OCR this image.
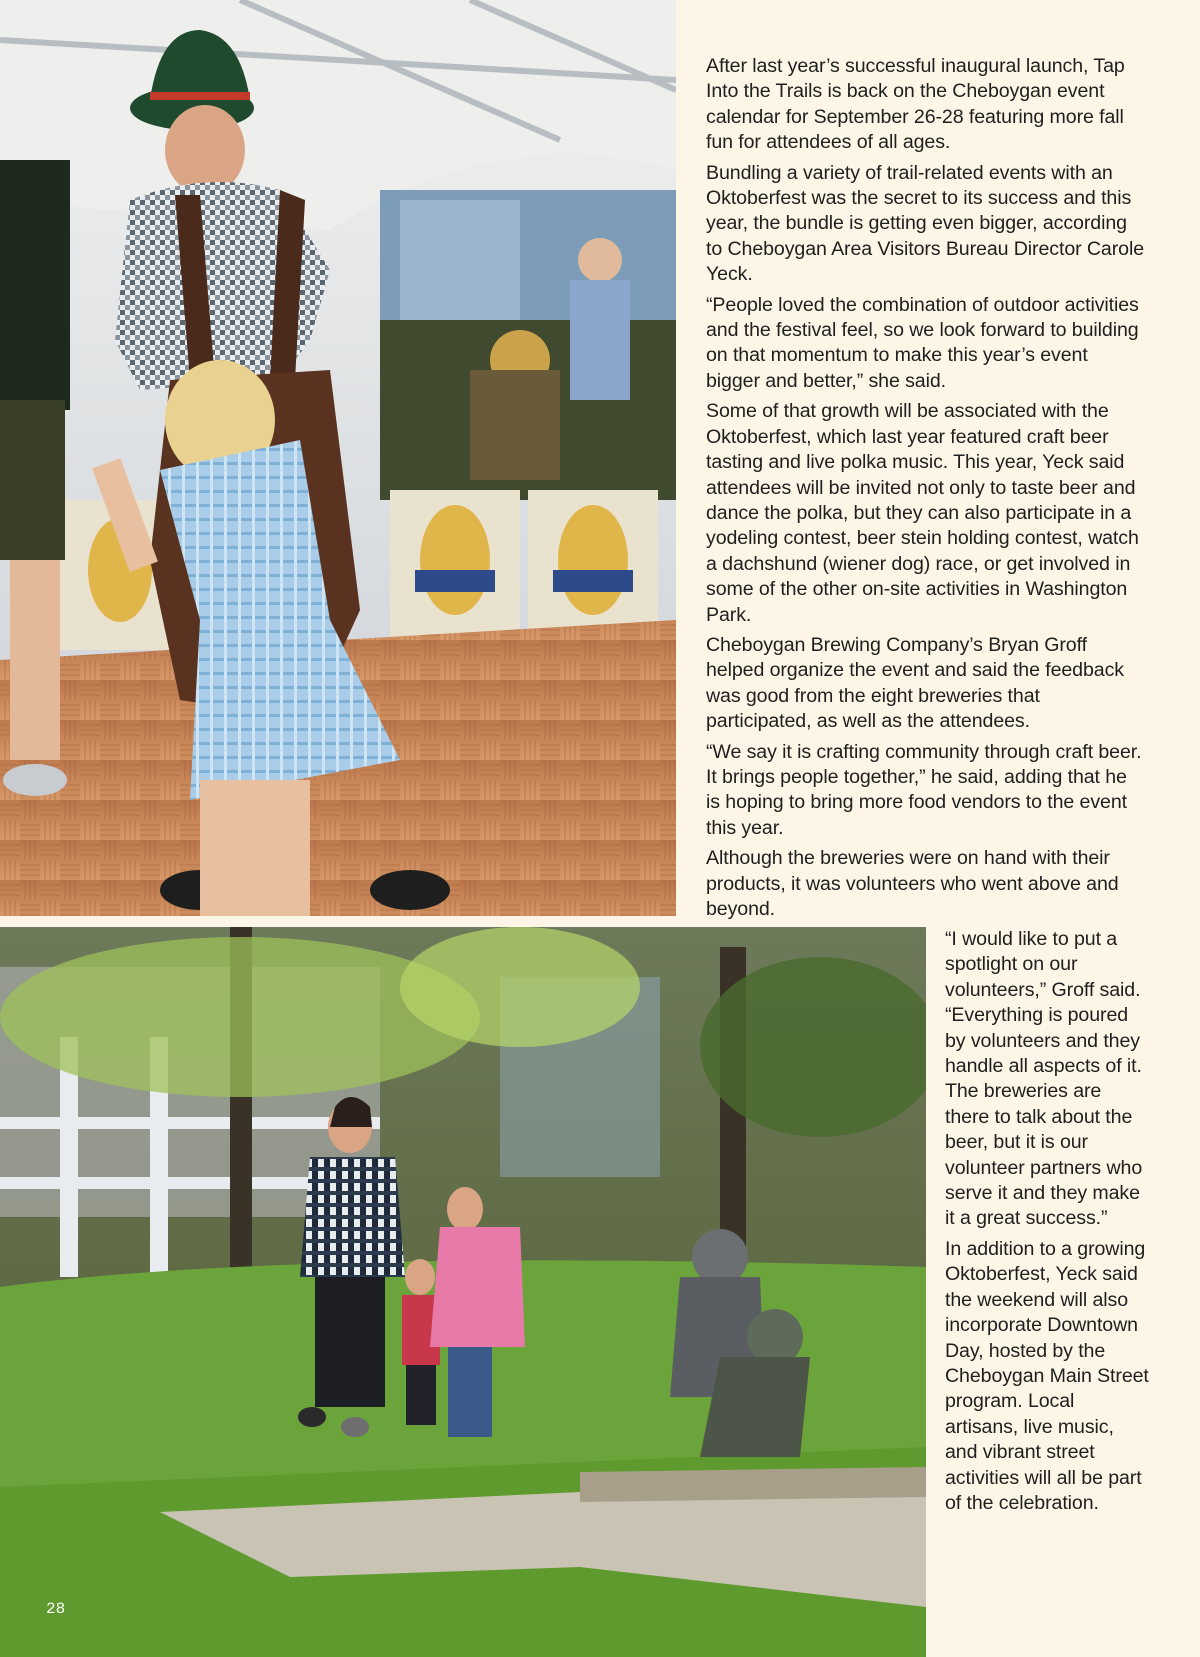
After last year’s successful inaugural launch, Tap Into the Trails is back on the Cheboygan event calendar for September 26-28 featuring more fall fun for attendees of all ages.

Bundling a variety of trail-related events with an Oktoberfest was the secret to its success and this year, the bundle is getting even bigger, according to Cheboygan Area Visitors Bureau Director Carole Yeck.

“People loved the combination of outdoor activities and the festival feel, so we look forward to building on that momentum to make this year’s event bigger and better,” she said.

Some of that growth will be associated with the Oktoberfest, which last year featured craft beer tasting and live polka music. This year, Yeck said attendees will be invited not only to taste beer and dance the polka, but they can also participate in a yodeling contest, beer stein holding contest, watch a dachshund (wiener dog) race, or get involved in some of the other on-site activities in Washington Park.

Cheboygan Brewing Company’s Bryan Groff helped organize the event and said the feedback was good from the eight breweries that participated, as well as the attendees.

“We say it is crafting community through craft beer. It brings people together,” he said, adding that he is hoping to bring more food vendors to the event this year.

Although the breweries were on hand with their products, it was volunteers who went above and beyond.

“I would like to put a spotlight on our volunteers,” Groff said. “Everything is poured by volunteers and they handle all aspects of it. The breweries are there to talk about the beer, but it is our volunteer partners who serve it and they make it a great success.”

In addition to a growing Oktoberfest, Yeck said the weekend will also incorporate Downtown Day, hosted by the Cheboygan Main Street program. Local artisans, live music, and vibrant street activities will all be part of the celebration.

28
